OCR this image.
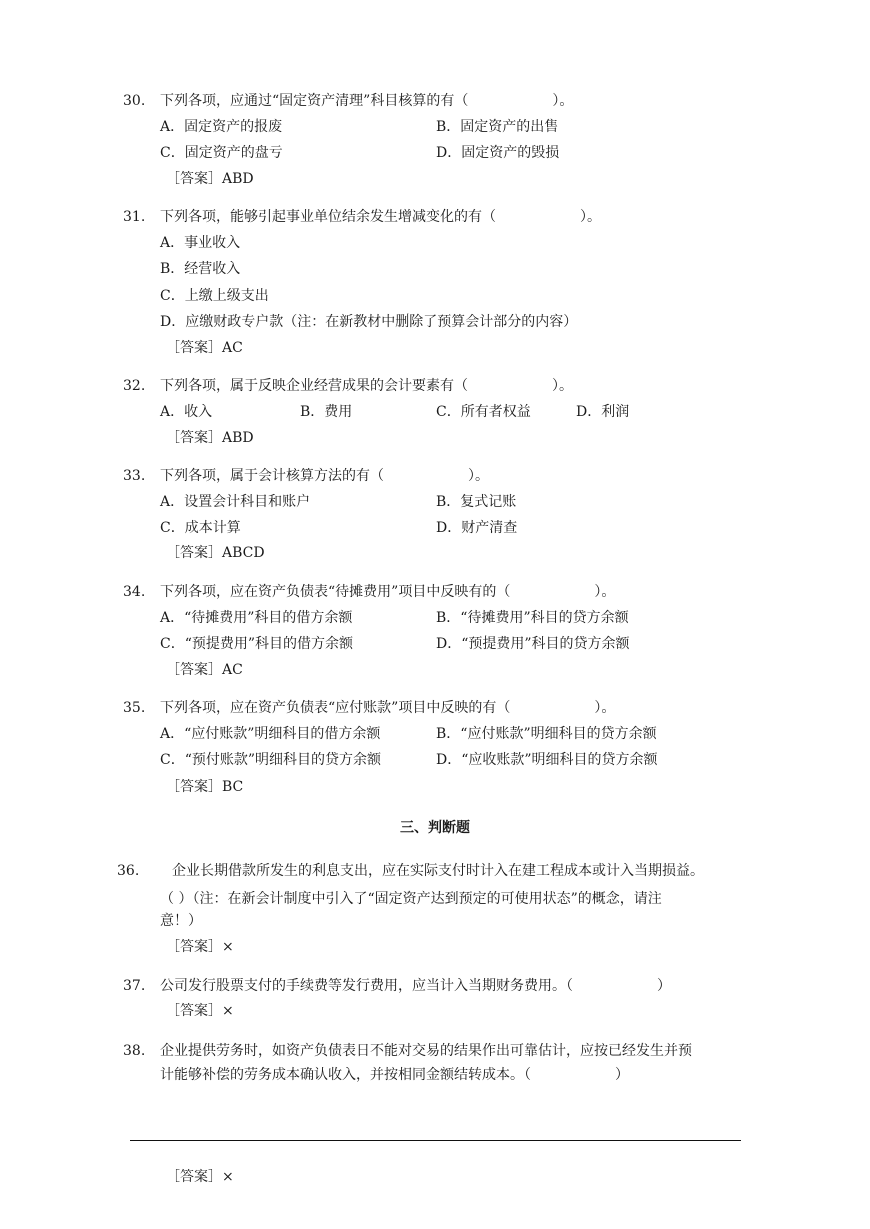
30. 下列各项，应通过“固定资产清理”科目核算的有（　　　　　　）。
A．固定资产的报废	B．固定资产的出售
C．固定资产的盘亏	D．固定资产的毁损
［答案］ABD
31. 下列各项，能够引起事业单位结余发生增减变化的有（　　　　　　）。
A．事业收入
B．经营收入
C．上缴上级支出
D．应缴财政专户款（注：在新教材中删除了预算会计部分的内容）
［答案］AC
32. 下列各项，属于反映企业经营成果的会计要素有（　　　　　　）。
A．收入	B．费用	C．所有者权益	D．利润
［答案］ABD
33. 下列各项，属于会计核算方法的有（　　　　　　）。
A．设置会计科目和账户	B．复式记账
C．成本计算	D．财产清查
［答案］ABCD
34. 下列各项，应在资产负债表“待摊费用”项目中反映有的（　　　　　　）。
A．“待摊费用”科目的借方余额	B．“待摊费用”科目的贷方余额
C．“预提费用”科目的借方余额	D．“预提费用”科目的贷方余额
［答案］AC
35. 下列各项，应在资产负债表“应付账款”项目中反映的有（　　　　　　）。
A．“应付账款”明细科目的借方余额	B．“应付账款”明细科目的贷方余额
C．“预付账款”明细科目的贷方余额	D．“应收账款”明细科目的贷方余额
［答案］BC
三、判断题
36. 企业长期借款所发生的利息支出，应在实际支付时计入在建工程成本或计入当期损益。
（ ）（注：在新会计制度中引入了“固定资产达到预定的可使用状态”的概念，请注
意！）
［答案］×
37. 公司发行股票支付的手续费等发行费用，应当计入当期财务费用。（　　　　　　）
［答案］×
38. 企业提供劳务时，如资产负债表日不能对交易的结果作出可靠估计，应按已经发生并预
计能够补偿的劳务成本确认收入，并按相同金额结转成本。（　　　　　　）
［答案］×
